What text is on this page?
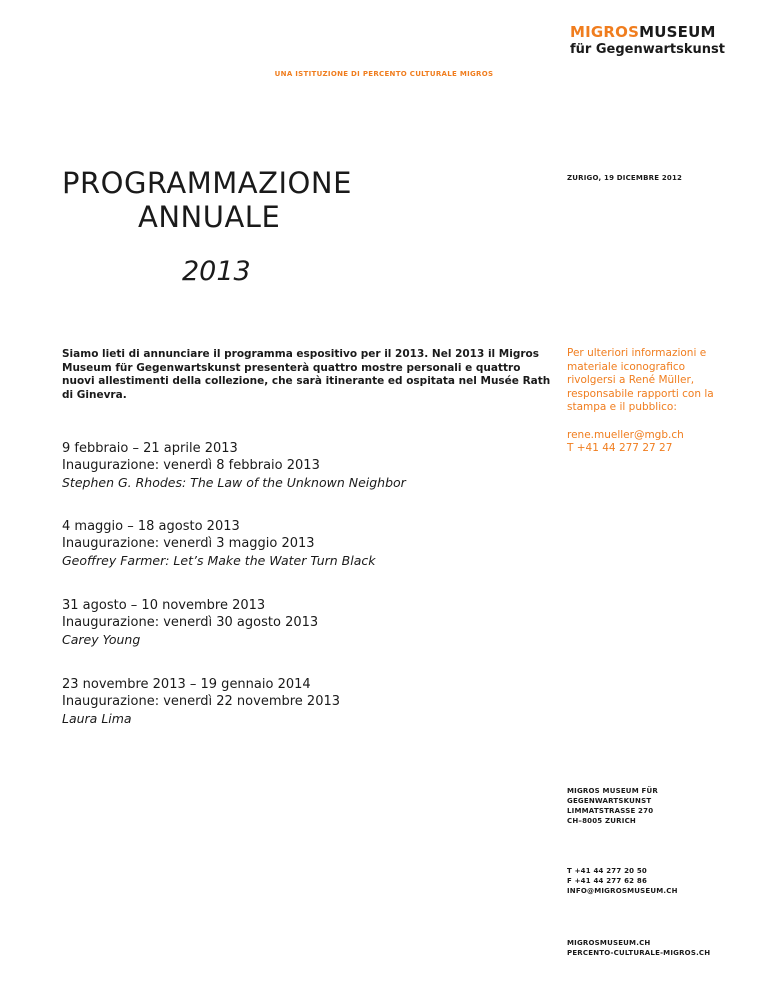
MIGROSMUSEUM
für Gegenwartskunst
UNA ISTITUZIONE DI PERCENTO CULTURALE MIGROS
PROGRAMMAZIONE
ANNUALE
2013
ZURIGO, 19 DICEMBRE 2012
Siamo lieti di annunciare il programma espositivo per il 2013. Nel 2013 il Migros Museum für Gegenwartskunst presenterà quattro mostre personali e quattro nuovi allestimenti della collezione, che sarà itinerante ed ospitata nel Musée Rath di Ginevra.

Per ulteriori informazioni e materiale iconografico rivolgersi a René Müller, responsabile rapporti con la stampa e il pubblico:

rene.mueller@mgb.ch

T +41 44 277 27 27

9 febbraio – 21 aprile 2013
Inaugurazione: venerdì 8 febbraio 2013
Stephen G. Rhodes: The Law of the Unknown Neighbor
4 maggio – 18 agosto 2013
Inaugurazione: venerdì 3 maggio 2013
Geoffrey Farmer: Let’s Make the Water Turn Black
31 agosto – 10 novembre 2013
Inaugurazione: venerdì 30 agosto 2013
Carey Young
23 novembre 2013 – 19 gennaio 2014
Inaugurazione: venerdì 22 novembre 2013
Laura Lima
MIGROS MUSEUM FÜR
GEGENWARTSKUNST
LIMMATSTRASSE 270
CH–8005 ZURICH
T +41 44 277 20 50
F +41 44 277 62 86
INFO@MIGROSMUSEUM.CH
MIGROSMUSEUM.CH
PERCENTO-CULTURALE-MIGROS.CH
